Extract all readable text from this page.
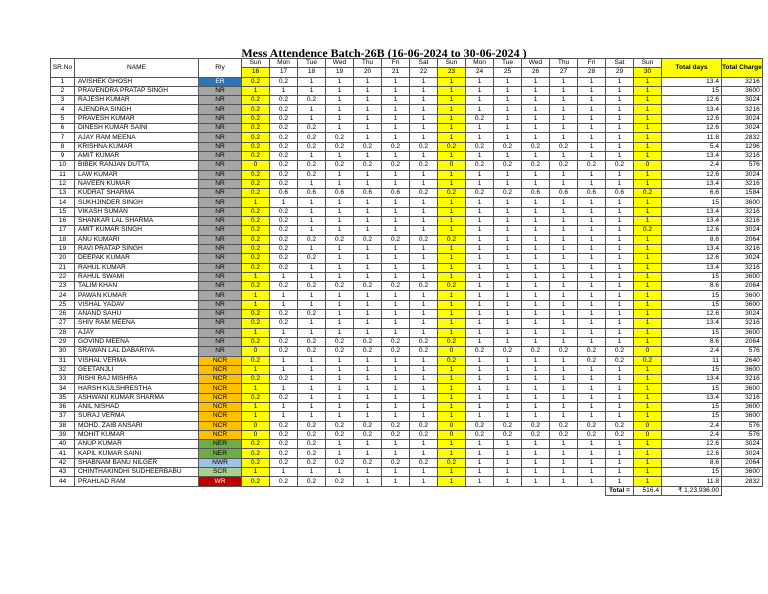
Mess Attendence Batch-26B (16-06-2024 to 30-06-2024 )
SR.No	NAME	Rly	Sun	Mon	Tue	Wed	Thu	Fri	Sat	Sun	Mon	Tue	Wed	Thu	Fri	Sat	Sun	Total days	Total Charge
			16	17	18	19	20	21	22	23	24	25	26	27	28	29	30		
1	AVISHEK GHOSH	ER	0.2	0.2	1	1	1	1	1	1	1	1	1	1	1	1	1	13.4	3216
2	PRAVENDRA PRATAP SINGH	NR	1	1	1	1	1	1	1	1	1	1	1	1	1	1	1	15	3600
3	RAJESH KUMAR	NR	0.2	0.2	0.2	1	1	1	1	1	1	1	1	1	1	1	1	12.6	3024
4	AJENDRA SINGH	NR	0.2	0.2	1	1	1	1	1	1	1	1	1	1	1	1	1	13.4	3216
5	PRAVESH KUMAR	NR	0.2	0.2	1	1	1	1	1	1	0.2	1	1	1	1	1	1	12.6	3024
6	DINESH KUMAR SAINI	NR	0.2	0.2	0.2	1	1	1	1	1	1	1	1	1	1	1	1	12.6	3024
7	AJAY RAM MEENA	NR	0.2	0.2	0.2	0.2	1	1	1	1	1	1	1	1	1	1	1	11.8	2832
8	KRISHNA KUMAR	NR	0.2	0.2	0.2	0.2	0.2	0.2	0.2	0.2	0.2	0.2	0.2	0.2	1	1	1	5.4	1296
9	AMIT KUMAR	NR	0.2	0.2	1	1	1	1	1	1	1	1	1	1	1	1	1	13.4	3216
10	BIBEK RANJAN DUTTA	NR	0	0.2	0.2	0.2	0.2	0.2	0.2	0	0.2	0.2	0.2	0.2	0.2	0.2	0	2.4	576
11	LAW KUMAR	NR	0.2	0.2	0.2	1	1	1	1	1	1	1	1	1	1	1	1	12.6	3024
12	NAVEEN KUMAR	NR	0.2	0.2	1	1	1	1	1	1	1	1	1	1	1	1	1	13.4	3216
13	KUDRAT SHARMA	NR	0.2	0.6	0.6	0.6	0.6	0.6	0.2	0.2	0.2	0.2	0.6	0.6	0.6	0.6	0.2	6.6	1584
14	SUKHJINDER SINGH	NR	1	1	1	1	1	1	1	1	1	1	1	1	1	1	1	15	3600
15	VIKASH SUMAN	NR	0.2	0.2	1	1	1	1	1	1	1	1	1	1	1	1	1	13.4	3216
16	SHANKAR LAL SHARMA	NR	0.2	0.2	1	1	1	1	1	1	1	1	1	1	1	1	1	13.4	3216
17	AMIT KUMAR SINGH	NR	0.2	0.2	1	1	1	1	1	1	1	1	1	1	1	1	0.2	12.6	3024
18	ANU KUMARI	NR	0.2	0.2	0.2	0.2	0.2	0.2	0.2	0.2	1	1	1	1	1	1	1	8.6	2064
19	RAVI PRATAP SINGH	NR	0.2	0.2	1	1	1	1	1	1	1	1	1	1	1	1	1	13.4	3216
20	DEEPAK KUMAR	NR	0.2	0.2	0.2	1	1	1	1	1	1	1	1	1	1	1	1	12.6	3024
21	RAHUL KUMAR	NR	0.2	0.2	1	1	1	1	1	1	1	1	1	1	1	1	1	13.4	3216
22	RAHUL SWAMI	NR	1	1	1	1	1	1	1	1	1	1	1	1	1	1	1	15	3600
23	TALIM KHAN	NR	0.2	0.2	0.2	0.2	0.2	0.2	0.2	0.2	1	1	1	1	1	1	1	8.6	2064
24	PAWAN KUMAR	NR	1	1	1	1	1	1	1	1	1	1	1	1	1	1	1	15	3600
25	VISHAL YADAV	NR	1	1	1	1	1	1	1	1	1	1	1	1	1	1	1	15	3600
26	ANAND SAHU	NR	0.2	0.2	0.2	1	1	1	1	1	1	1	1	1	1	1	1	12.6	3024
27	SHIV RAM MEENA	NR	0.2	0.2	1	1	1	1	1	1	1	1	1	1	1	1	1	13.4	3216
28	AJAY	NR	1	1	1	1	1	1	1	1	1	1	1	1	1	1	1	15	3600
29	GOVIND MEENA	NR	0.2	0.2	0.2	0.2	0.2	0.2	0.2	0.2	1	1	1	1	1	1	1	8.6	2064
30	SRAWAN LAL DABARIYA	NR	0	0.2	0.2	0.2	0.2	0.2	0.2	0	0.2	0.2	0.2	0.2	0.2	0.2	0	2.4	576
31	VISHAL VERMA	NCR	0.2	1	1	1	1	1	1	0.2	1	1	1	1	0.2	0.2	0.2	11	2640
32	GEETANJLI	NCR	1	1	1	1	1	1	1	1	1	1	1	1	1	1	1	15	3600
33	RISHI RAJ MISHRA	NCR	0.2	0.2	1	1	1	1	1	1	1	1	1	1	1	1	1	13.4	3216
34	HARSH KULSHRESTHA	NCR	1	1	1	1	1	1	1	1	1	1	1	1	1	1	1	15	3600
35	ASHWANI KUMAR SHARMA	NCR	0.2	0.2	1	1	1	1	1	1	1	1	1	1	1	1	1	13.4	3216
36	ANIL NISHAD	NCR	1	1	1	1	1	1	1	1	1	1	1	1	1	1	1	15	3600
37	SURAJ VERMA	NCR	1	1	1	1	1	1	1	1	1	1	1	1	1	1	1	15	3600
38	MOHD. ZAIB ANSARI	NCR	0	0.2	0.2	0.2	0.2	0.2	0.2	0	0.2	0.2	0.2	0.2	0.2	0.2	0	2.4	576
39	MOHIT KUMAR	NCR	0	0.2	0.2	0.2	0.2	0.2	0.2	0	0.2	0.2	0.2	0.2	0.2	0.2	0	2.4	576
40	ANUP KUMAR	NER	0.2	0.2	0.2	1	1	1	1	1	1	1	1	1	1	1	1	12.6	3024
41	KAPIL KUMAR SAINI	NER	0.2	0.2	0.2	1	1	1	1	1	1	1	1	1	1	1	1	12.6	3024
42	SHABNAM BANU NILGER	NWR	0.2	0.2	0.2	0.2	0.2	0.2	0.2	0.2	1	1	1	1	1	1	1	8.6	2064
43	CHINTHAKINDHI SUDHEERBABU	SCR	1	1	1	1	1	1	1	1	1	1	1	1	1	1	1	15	3600
44	PRAHLAD RAM	WR	0.2	0.2	0.2	0.2	1	1	1	1	1	1	1	1	1	1	1	11.8	2832
																Total =	516.4	₹ 1,23,936.00	
